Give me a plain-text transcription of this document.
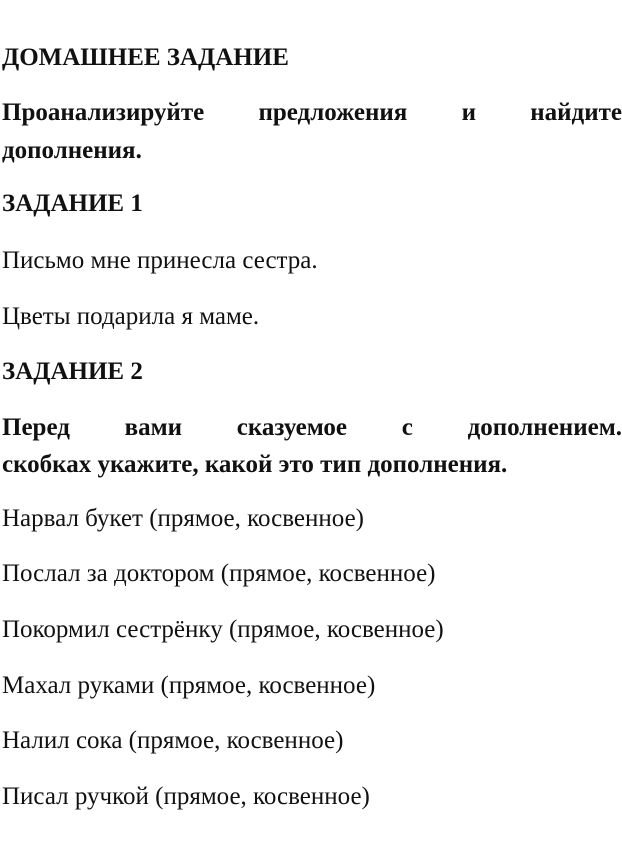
ДОМАШНЕЕ ЗАДАНИЕ
Проанализируйте предложения и найдите
дополнения.
ЗАДАНИЕ 1
Письмо мне принесла сестра.
Цветы подарила я маме.
ЗАДАНИЕ 2
Перед вами сказуемое с дополнением.
скобках укажите, какой это тип дополнения.
Нарвал букет (прямое, косвенное)
Послал за доктором (прямое, косвенное)
Покормил сестрёнку (прямое, косвенное)
Махал руками (прямое, косвенное)
Налил сока (прямое, косвенное)
Писал ручкой (прямое, косвенное)
